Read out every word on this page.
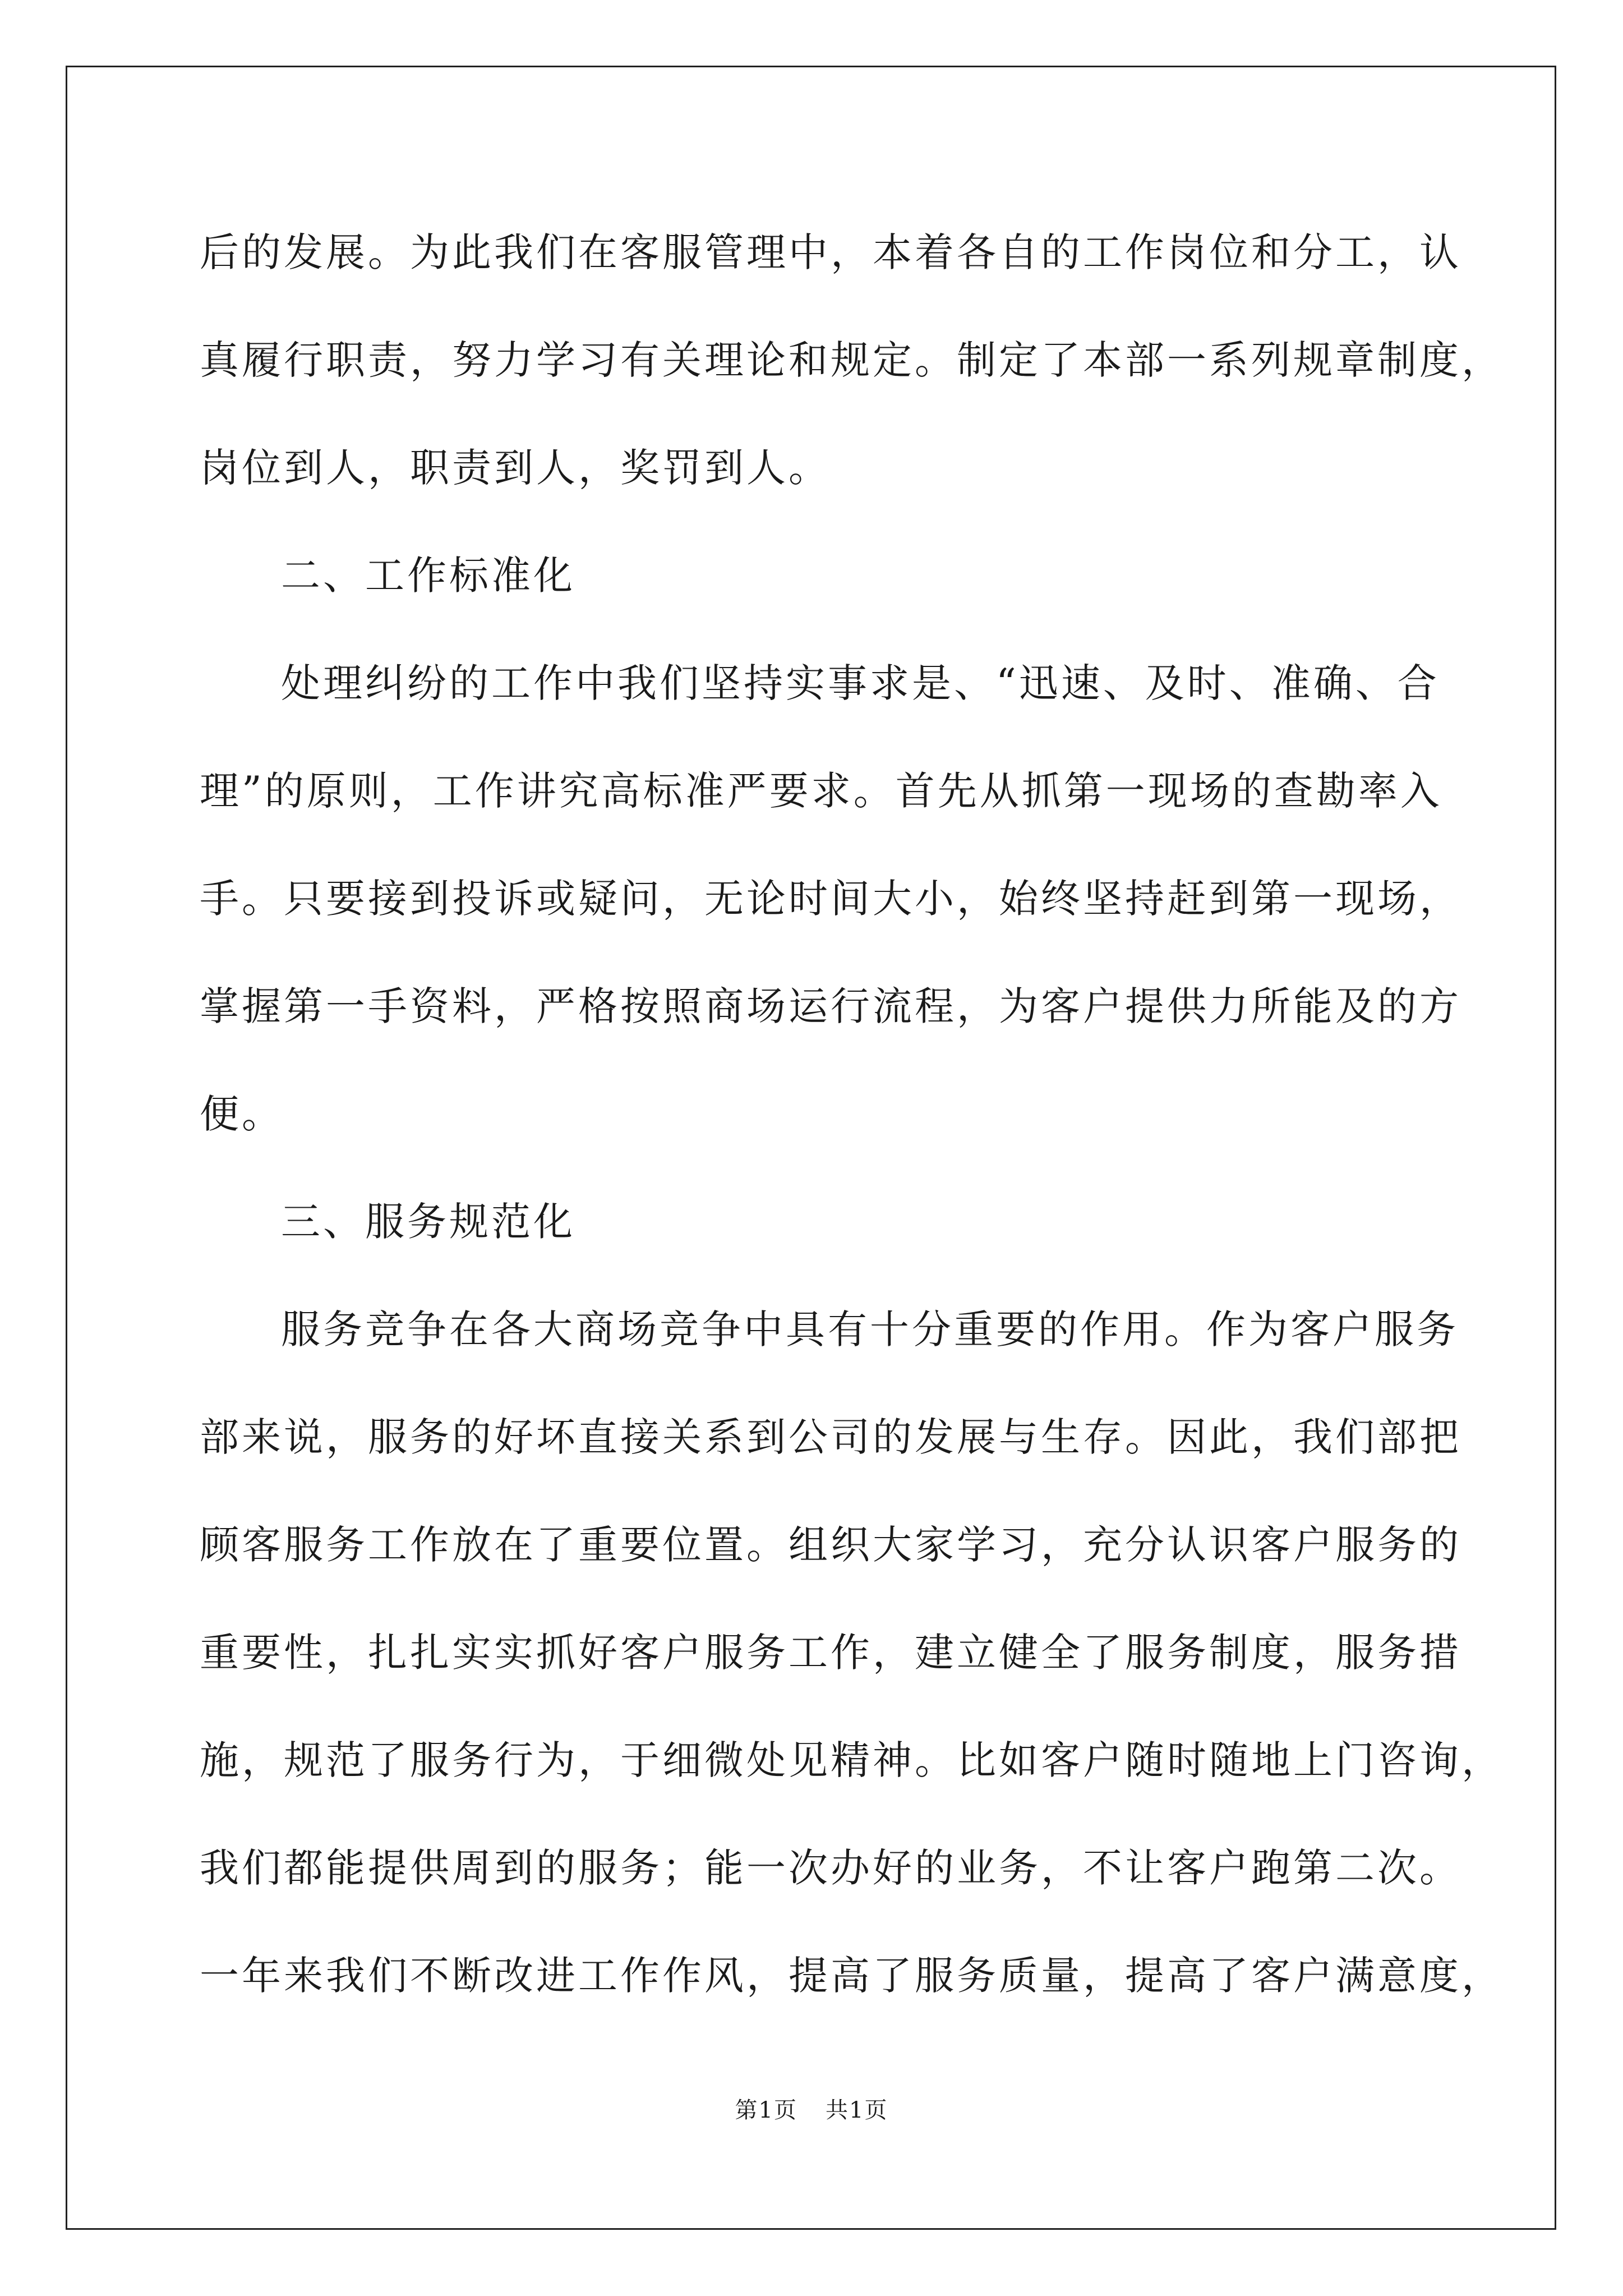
后的发展。为此我们在客服管理中，本着各自的工作岗位和分工，认
真履行职责，努力学习有关理论和规定。制定了本部一系列规章制度，
岗位到人，职责到人，奖罚到人。
二、工作标准化
处理纠纷的工作中我们坚持实事求是、“迅速、及时、准确、合
理”的原则，工作讲究高标准严要求。首先从抓第一现场的查勘率入
手。只要接到投诉或疑问，无论时间大小，始终坚持赶到第一现场，
掌握第一手资料，严格按照商场运行流程，为客户提供力所能及的方
便。
三、服务规范化
服务竞争在各大商场竞争中具有十分重要的作用。作为客户服务
部来说，服务的好坏直接关系到公司的发展与生存。因此，我们部把
顾客服务工作放在了重要位置。组织大家学习，充分认识客户服务的
重要性，扎扎实实抓好客户服务工作，建立健全了服务制度，服务措
施，规范了服务行为，于细微处见精神。比如客户随时随地上门咨询，
我们都能提供周到的服务；能一次办好的业务，不让客户跑第二次。
一年来我们不断改进工作作风，提高了服务质量，提高了客户满意度，
第1页 共1页
